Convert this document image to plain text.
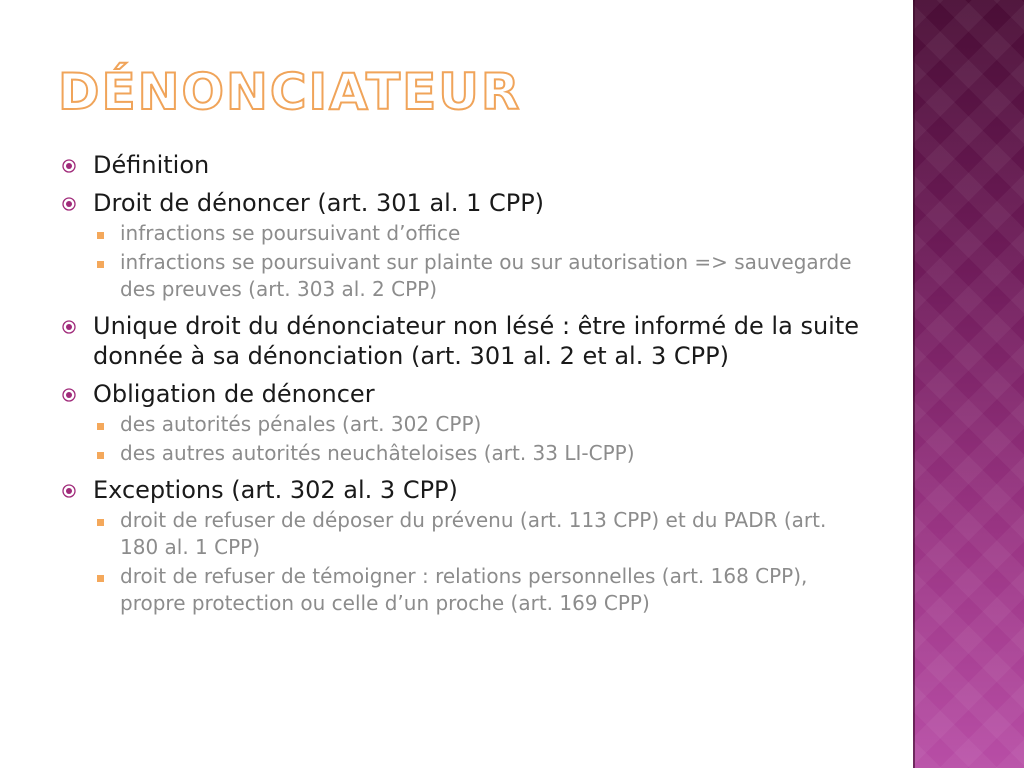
DÉNONCIATEUR
Définition
Droit de dénoncer (art. 301 al. 1 CPP)
infractions se poursuivant d’office
infractions se poursuivant sur plainte ou sur autorisation => sauvegarde des preuves (art. 303 al. 2 CPP)
Unique droit du dénonciateur non lésé : être informé de la suite donnée à sa dénonciation (art. 301 al. 2 et al. 3 CPP)
Obligation de dénoncer
des autorités pénales (art. 302 CPP)
des autres autorités neuchâteloises (art. 33 LI-CPP)
Exceptions (art. 302 al. 3 CPP)
droit de refuser de déposer du prévenu (art. 113 CPP) et du PADR (art. 180 al. 1 CPP)
droit de refuser de témoigner : relations personnelles (art. 168 CPP), propre protection ou celle d’un proche (art. 169 CPP)
